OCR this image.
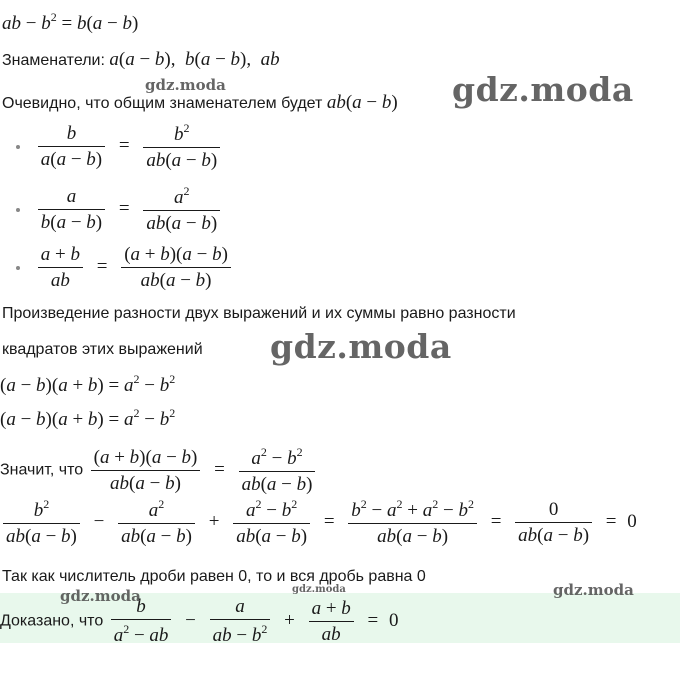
ab − $b^2 = b(a - b)$
Знаменатели: a(a − b),  b(a − b),  ab
Очевидно, что общим знаменателем будет ab(a − b)

$\frac{b}{a(a - b)} = \frac{b^2}{ab(a - b)}$

$\frac{a}{b(a - b)} = \frac{a^2}{ab(a - b)}$

$\frac{a + b}{ab} = \frac{(a + b)(a - b)}{ab(a - b)}$
Произведение разности двух выражений и их суммы равно разности
квадратов этих выражений
$(a - b)(a + b) = a^2 - b^2$
$(a - b)(a + b) = a^2 - b^2$
Значит, что $\frac{(a + b)(a - b)}{ab(a - b)} = \frac{a^2 - b^2}{ab(a - b)}$
$\frac{b^2}{ab(a - b)} - \frac{a^2}{ab(a - b)} + \frac{a^2 - b^2}{ab(a - b)} = \frac{b^2 - a^2 + a^2 - b^2}{ab(a - b)} = \frac{0}{ab(a - b)} = 0$
Так как числитель дроби равен 0, то и вся дробь равна 0
Доказано, что $\frac{b}{a^2 - ab} - \frac{a}{ab - b^2} + \frac{a + b}{ab} = 0$
gdz.moda	gdz.moda
gdz.moda
gdz.moda	gdz.moda	gdz.moda
